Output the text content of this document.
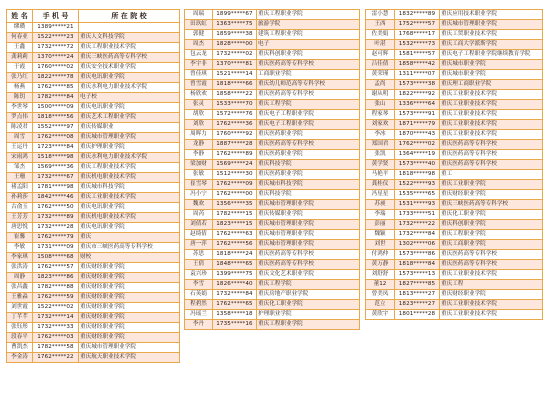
姓 名	手 机 号	所 在 院 校
缪瓒	1389*****21	
何春亚	1522*****23	重庆人文科技学院
王鑫	1732*****72	重庆工程职业技术学院
龚莉莉	1370*****24	重庆三峡医药高等专科学校
于霞	1760*****02	重庆安全技术职业学院
张乃红	1822*****78	重庆电讯职业学院
杨燕	1762*****85	重庆水利电力职业技术学院
陈钥	1782*****84	电子校
李世琴	1500*****09	重庆电讯职业学院
罗点伟	1818*****56	重庆艺术工程职业学院
陈凌君	1552*****97	重庆传媒职业
周雪	1762*****08	重庆城市管理职业学院
王运丹	1723*****84	重庆护理职业学院
宋雨鸿	1518*****98	重庆水利电力职业技术学院
邹杰	1569*****36	重庆工程职业技术学院
王珊	1732*****67	重庆机电职业技术学院
褚孟阳	1781*****98	重庆城市科技学院
孙莉莎	1842*****46	重庆工业职业技术学院
古俞玉	1762*****50	重庆电讯职业学院
王芳芳	1732*****89	重庆机电职业技术学院
唐思悦	1732*****28	重庆电讯职业学院
崔馨	1762*****79	重庆
李敏	1731*****09	重庆市三峡医药高等专科学校
李家琪	1508*****68	财校
张洪涛	1762*****57	重庆财经职业学院
周静	1823*****86	重庆财经职业学院
张昌鑫	1782*****88	重庆财经职业学院
王雅淼	1762*****59	重庆财经职业学院
刘世霞	1522*****02	重庆财经职业学院
丁芊芊	1732*****14	重庆财经职业学院
张钰彤	1732*****33	重庆财经职业学院
段春平	1762*****03	重庆财经职业学院
曹凯杰	1782*****58	重庆城市管理职业学院
李金涛	1762*****22	重庆航天职业技术学院
周瑞	1899*****67	重庆工程职业学院
田玖虹	1363*****75	旅游学院
郭健	1859*****38	建筑工程职业学院
周杰	1828*****00	电子
包云龙	1732*****02	重庆科创职业学院
李宇非	1370*****81	重庆医药高等专科学校
曾佳琪	1521*****14	工商职业学院
曾雪霞	1818*****66	重庆幼儿师范高等专科学校
杨欣欢	1858*****22	重庆医药高等专科学校
张灵	1533*****70	重庆工程学院
胡欣	1572*****76	重庆电子工程职业学院
刘欣	1762*****36	重庆电子工程职业学院
周晖力	1760*****92	重庆医药职业学院
龙静	1887*****28	重庆医药高等专科学校
李静	1762*****89	重庆医药职业学院
梁加财	1569*****24	重庆科技学院
张敏	1512*****30	重庆医药职业学院
崔雪琴	1762*****09	重庆城市科技学院
冯小宁	1762*****00	重庆科技学院
魏欢	1356*****35	重庆城市管理职业学院
周芮	1782*****15	重庆传媒职业学院
刘倩若	1823*****15	重庆城市管理职业学院
赵绮倩	1762*****63	重庆城市管理职业学院
唐一萍	1762*****56	重庆城市管理职业学院
苏思	1818*****24	重庆医药高等专科学校
王倩	1848*****65	重庆医药高等专科学校
袁兴珍	1399*****75	重庆文化艺术职业学院
李雪	1826*****40	重庆工程学院
石英娟	1732*****84	重庆房地产职业学院
程碧然	1762*****65	重庆化工职业学院
冯瑶兰	1358*****18	护理职业学院
李丹	1735*****16	重庆工程职业学院
雷小慧	1832*****89	重庆应用技术职业学院
王西	1752*****57	重庆城市管理职业学院
佐美娟	1768*****17	重庆工贸职业技术学院
叶湛	1532*****73	重庆工商大学派斯学院
赵可辉	1581*****57	重庆电子工程职业学院继续教育学院
吕佳倩	1858*****42	重庆城市职业学院
黄荣瑾	1311*****07	重庆城市职业学院
孟尚	1573*****38	重庆理工商职业学院
谢从明	1822*****92	重庆工业职业技术学院
张山	1336*****64	重庆工业职业技术学院
程家琴	1573*****91	重庆工业职业技术学院
刘家欢	1871*****79	重庆工业职业技术学院
李冰	1870*****43	重庆工业职业技术学院
郑国君	1762*****02	重庆医药高等专科学校
张凯	1364*****19	重庆医药高等专科学校
黄学贤	1573*****40	重庆医药高等专科学校
马艳平	1818*****98	重工
龚桂仪	1522*****93	重庆工业职业学院
冯星星	1535*****65	重庆财经职业学院
苏昶	1531*****93	重庆三峡医药高等专科学校
李瑞	1733*****51	重庆化工职业学院
彭丽	1732*****22	重庆科创职业学院
魏颖	1732*****84	重庆工程职业学院
刘世	1302*****06	重庆工商职业学院
付鸿仲	1573*****86	重庆医药高等专科学校
黄万静	1818*****84	重庆医药高等专科学校
刘舒舒	1573*****13	重庆工业职业技术学院
董12	1827*****85	重庆工程
曾美凤	1813*****27	重庆财经职业学院
范立	1823*****27	重庆工业职业技术学院
黄欣宇	1801*****28	重庆工业职业技术学院
